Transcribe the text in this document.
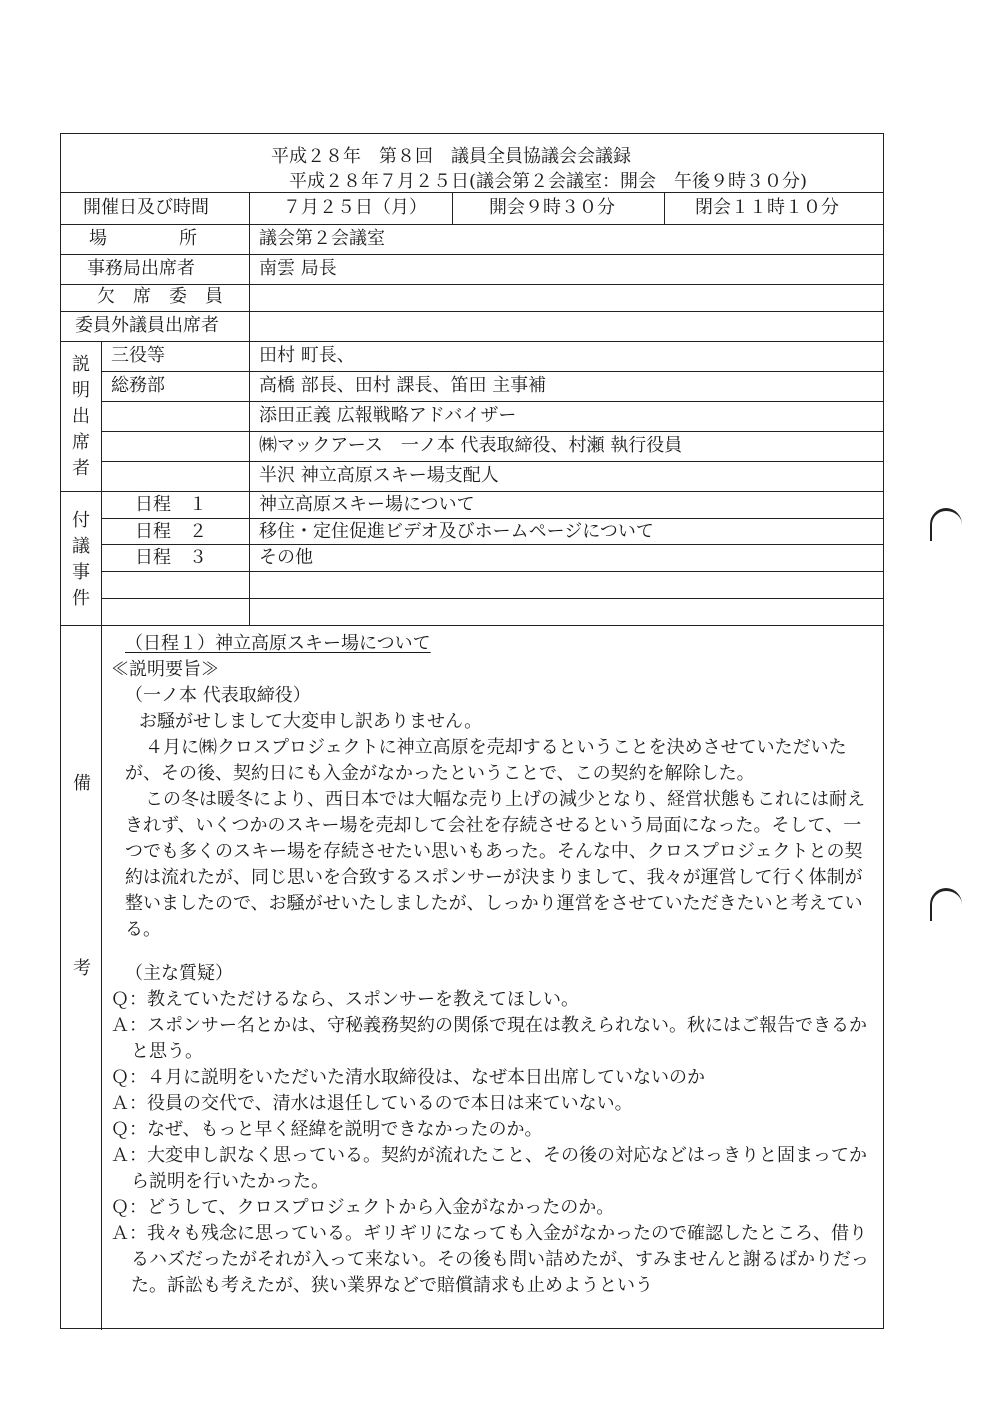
平成２８年　第８回　議員全員協議会会議録
平成２８年７月２５日(議会第２会議室：開会　午後９時３０分)
開催日及び時間	７月２５日（月）	開会９時３０分	閉会１１時１０分
場　　　　所	議会第２会議室
事務局出席者	南雲 局長
欠　席　委　員
委員外議員出席者
説明出席者
三役等	田村 町長、
総務部	高橋 部長、田村 課長、笛田 主事補
添田正義 広報戦略アドバイザー
㈱マックアース　一ノ本 代表取締役、村瀬 執行役員
半沢 神立高原スキー場支配人
付議事件
日程　１	神立高原スキー場について
日程　２	移住・定住促進ビデオ及びホームページについて
日程　３	その他
備
考

（日程１）神立高原スキー場について

≪説明要旨≫

（一ノ本 代表取締役）

お騒がせしまして大変申し訳ありません。

４月に㈱クロスプロジェクトに神立高原を売却するということを決めさせていただいたが、その後、契約日にも入金がなかったということで、この契約を解除した。

この冬は暖冬により、西日本では大幅な売り上げの減少となり、経営状態もこれには耐えきれず、いくつかのスキー場を売却して会社を存続させるという局面になった。そして、一つでも多くのスキー場を存続させたい思いもあった。そんな中、クロスプロジェクトとの契約は流れたが、同じ思いを合致するスポンサーが決まりまして、我々が運営して行く体制が整いましたので、お騒がせいたしましたが、しっかり運営をさせていただきたいと考えている。

（主な質疑）

Ｑ：教えていただけるなら、スポンサーを教えてほしい。

Ａ：スポンサー名とかは、守秘義務契約の関係で現在は教えられない。秋にはご報告できるかと思う。

Ｑ：４月に説明をいただいた清水取締役は、なぜ本日出席していないのか

Ａ：役員の交代で、清水は退任しているので本日は来ていない。

Ｑ：なぜ、もっと早く経緯を説明できなかったのか。

Ａ：大変申し訳なく思っている。契約が流れたこと、その後の対応などはっきりと固まってから説明を行いたかった。

Ｑ：どうして、クロスプロジェクトから入金がなかったのか。

Ａ：我々も残念に思っている。ギリギリになっても入金がなかったので確認したところ、借りるハズだったがそれが入って来ない。その後も問い詰めたが、すみませんと謝るばかりだった。訴訟も考えたが、狭い業界などで賠償請求も止めようという
